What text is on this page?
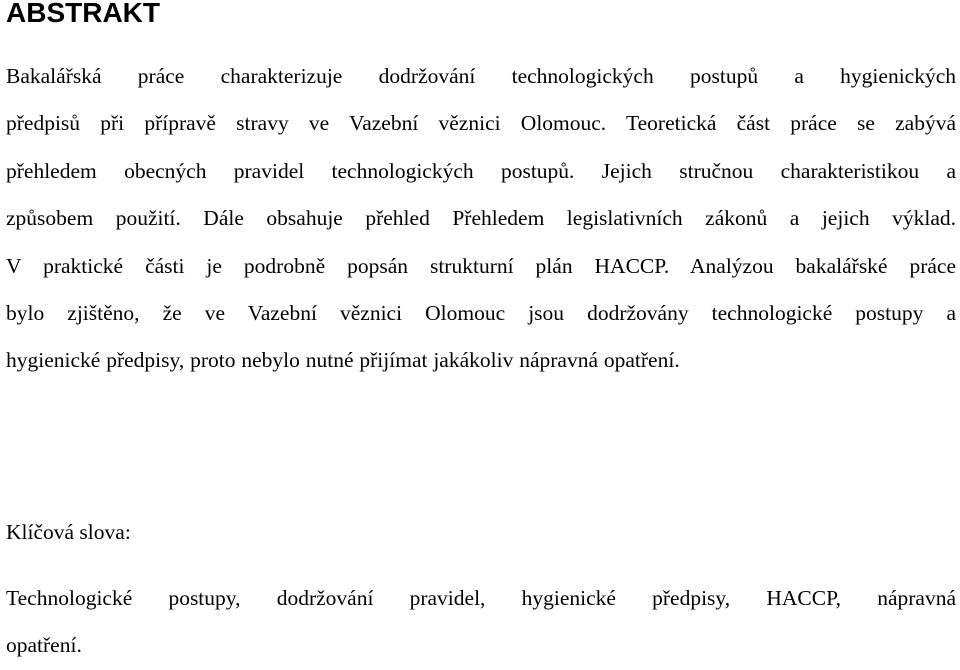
ABSTRAKT
Bakalářská práce charakterizuje dodržování technologických postupů a hygienických
předpisů při přípravě stravy ve Vazební věznici Olomouc. Teoretická část práce se zabývá
přehledem obecných pravidel technologických postupů. Jejich stručnou charakteristikou a
způsobem použití. Dále obsahuje přehled Přehledem legislativních zákonů a jejich výklad.
V praktické části je podrobně popsán strukturní plán HACCP. Analýzou bakalářské práce
bylo zjištěno, že ve Vazební věznici Olomouc jsou dodržovány technologické postupy a
hygienické předpisy, proto nebylo nutné přijímat jakákoliv nápravná opatření.
Klíčová slova:
Technologické postupy, dodržování pravidel, hygienické předpisy, HACCP, nápravná
opatření.
